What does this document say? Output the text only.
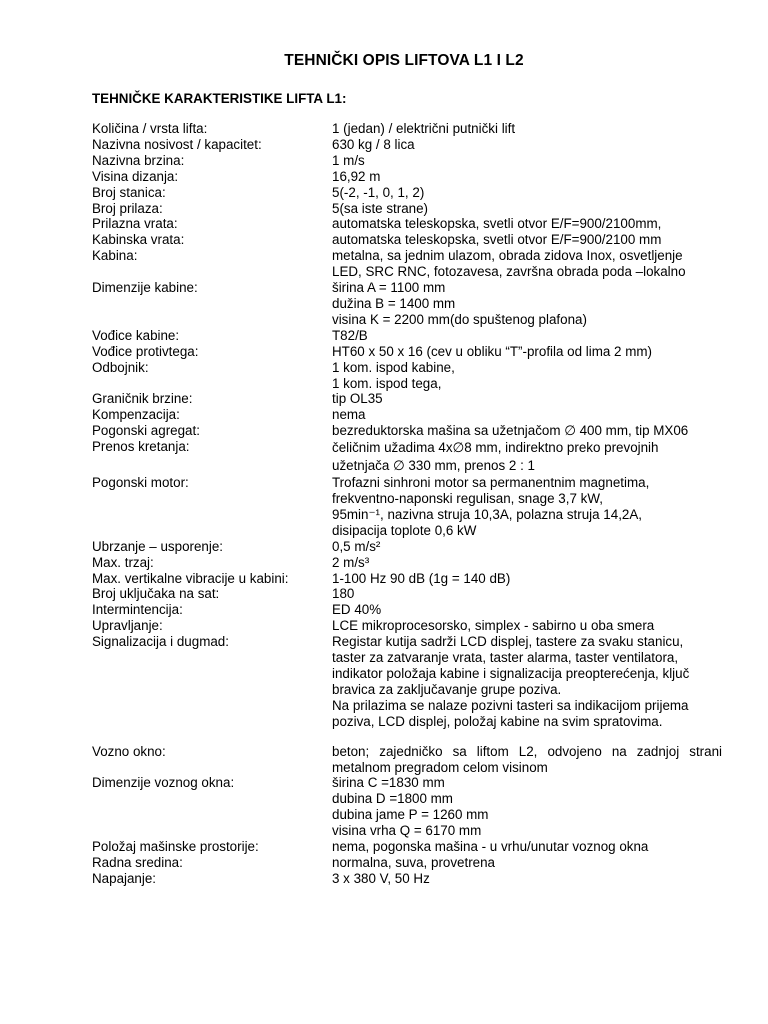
TEHNIČKI OPIS LIFTOVA L1 I L2
TEHNIČKE KARAKTERISTIKE LIFTA L1:
Količina / vrsta lifta:	1 (jedan) / električni putnički lift
Nazivna nosivost / kapacitet:	630 kg / 8 lica
Nazivna brzina:	1 m/s
Visina dizanja:	16,92 m
Broj stanica:	5(-2, -1, 0, 1, 2)
Broj prilaza:	5(sa iste strane)
Prilazna vrata:	automatska teleskopska, svetli otvor E/F=900/2100mm,
Kabinska vrata:	automatska teleskopska, svetli otvor E/F=900/2100 mm
Kabina:	metalna, sa jednim ulazom, obrada zidova Inox, osvetljenje
LED, SRC RNC, fotozavesa, završna obrada poda –lokalno
Dimenzije kabine:	širina A = 1100 mm
dužina B = 1400 mm
visina K = 2200 mm(do spuštenog plafona)
Vođice kabine:	T82/B
Vođice protivtega:	HT60 x 50 x 16 (cev u obliku “T”-profila od lima 2 mm)
Odbojnik:	1 kom. ispod kabine,
1 kom. ispod tega,
Graničnik brzine:	tip OL35
Kompenzacija:	nema
Pogonski agregat:	bezreduktorska mašina sa užetnjačom ∅ 400 mm, tip MX06
Prenos kretanja:	čeličnim užadima 4x∅8 mm, indirektno preko prevojnih
užetnjača ∅ 330 mm, prenos 2 : 1
Pogonski motor:	Trofazni sinhroni motor sa permanentnim magnetima,
frekventno-naponski regulisan, snage 3,7 kW,
95min⁻¹, nazivna struja 10,3A, polazna struja 14,2A,
disipacija toplote 0,6 kW
Ubrzanje – usporenje:	0,5 m/s²
Max. trzaj:	2 m/s³
Max. vertikalne vibracije u kabini:	1-100 Hz 90 dB (1g = 140 dB)
Broj uključaka na sat:	180
Intermintencija:	ED 40%
Upravljanje:	LCE mikroprocesorsko, simplex - sabirno u oba smera
Signalizacija i dugmad:	Registar kutija sadrži LCD displej, tastere za svaku stanicu,
taster za zatvaranje vrata, taster alarma, taster ventilatora,
indikator položaja kabine i signalizacija preopterećenja, ključ
bravica za zaključavanje grupe poziva.
Na prilazima se nalaze pozivni tasteri sa indikacijom prijema
poziva, LCD displej, položaj kabine na svim spratovima.
Vozno okno:	beton; zajedničko sa liftom L2, odvojeno na zadnjoj strani
metalnom pregradom celom visinom
Dimenzije voznog okna:	širina C =1830 mm
dubina D =1800 mm
dubina jame P = 1260 mm
visina vrha Q = 6170 mm
Položaj mašinske prostorije:	nema, pogonska mašina - u vrhu/unutar voznog okna
Radna sredina:	normalna, suva, provetrena
Napajanje:	3 x 380 V, 50 Hz
